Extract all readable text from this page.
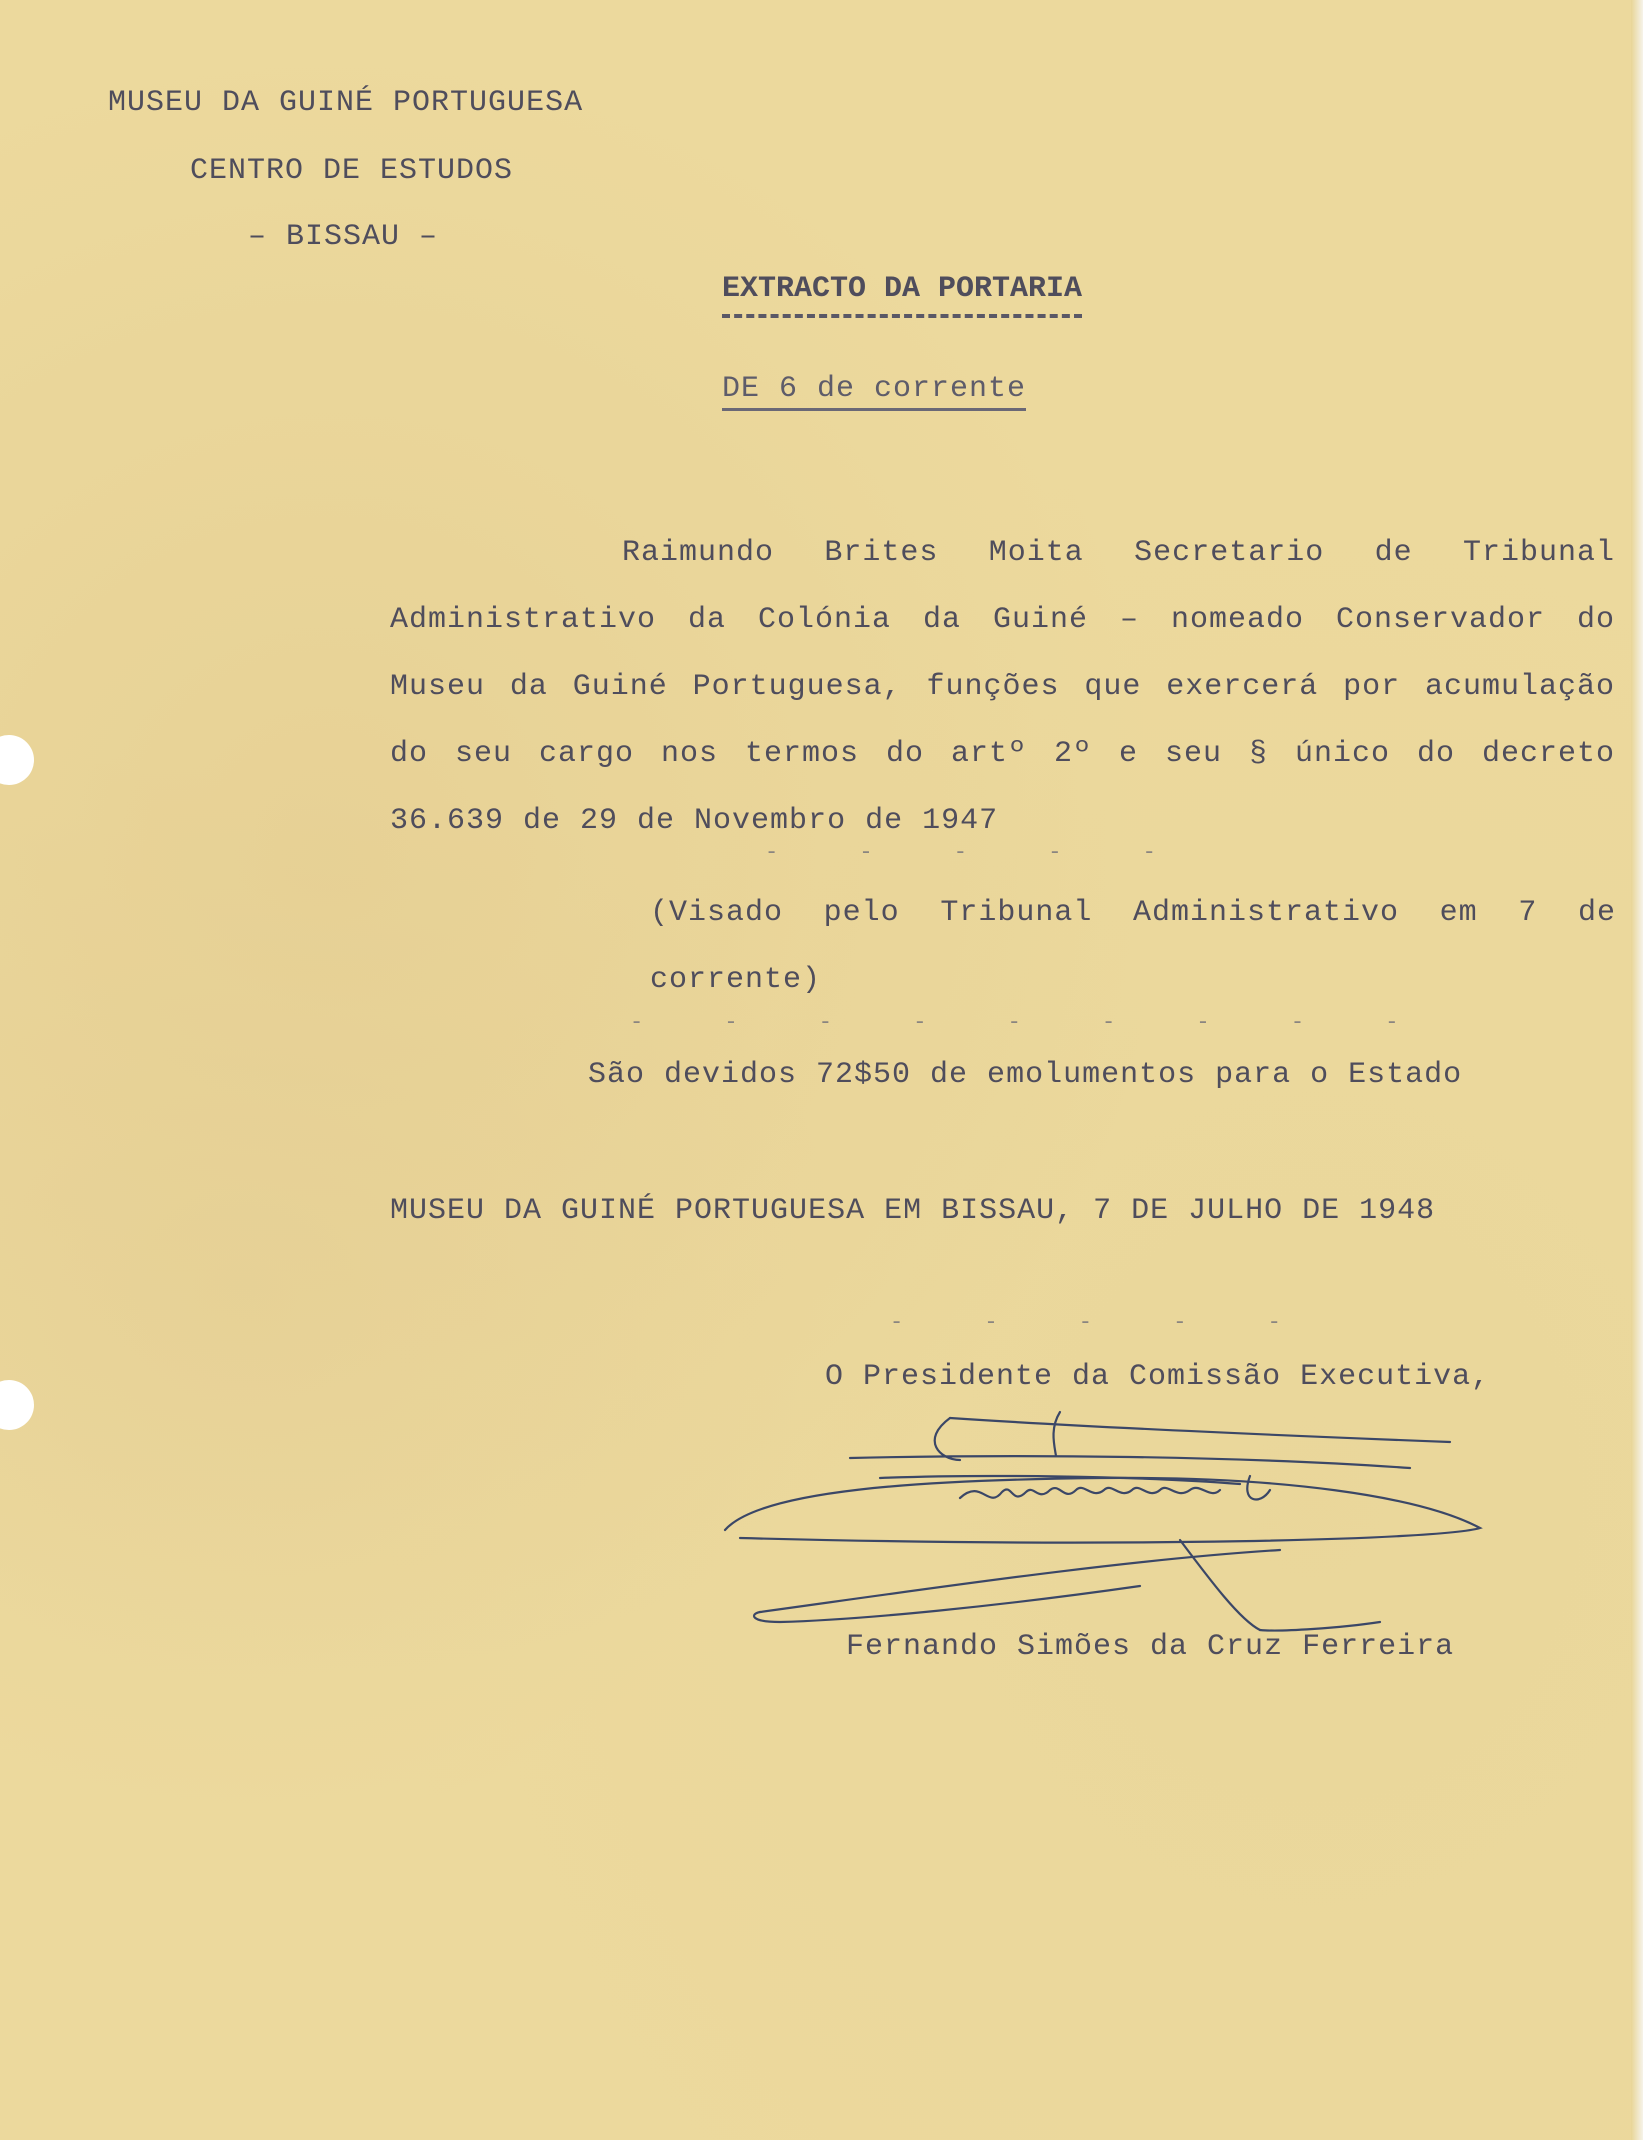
MUSEU DA GUINÉ PORTUGUESA
CENTRO DE ESTUDOS
– BISSAU –
EXTRACTO DA PORTARIA
DE 6 de corrente

Raimundo Brites Moita Secretario de Tribunal Administrativo da Colónia da Guiné – nomeado Conservador do Museu da Guiné Portuguesa, funções que exercerá por acumulação do seu cargo nos termos do artº 2º e seu § único do decreto 36.639 de 29 de Novembro de 1947

- - - - -

(Visado pelo Tribunal Administrativo em 7 de corrente)

- - - - - - - - -
São devidos 72$50 de emolumentos para o Estado
MUSEU DA GUINÉ PORTUGUESA EM BISSAU, 7 DE JULHO DE 1948
- - - - -
O Presidente da Comissão Executiva,
Fernando Simões da Cruz Ferreira
